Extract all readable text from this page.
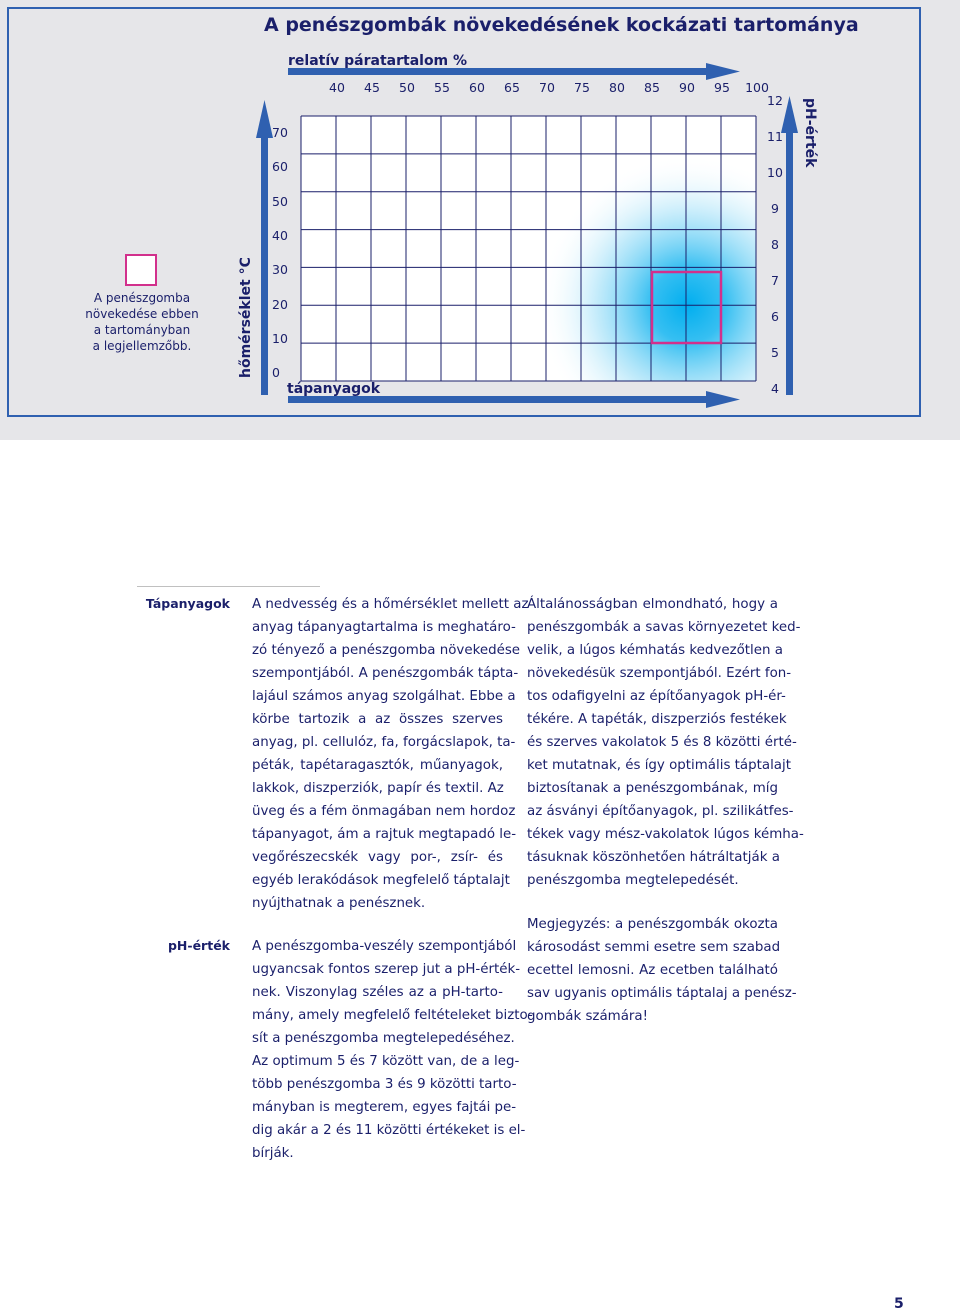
A penészgombák növekedésének kockázati tartománya
relatív páratartalom %
40	45	50	55	60	65	70	75	80	85	90	95	100
70
60
50
40
30
20
10
0
12
11
10
9
8
7
6
5
4
hőmérséklet °C
pH-érték
tápanyagok
A penészgomba
növekedése ebben
a tartományban
a legjellemzőbb.
Tápanyagok
pH-érték
A nedvesség és a hőmérséklet mellett az
anyag tápanyagtartalma is meghatáro-
zó tényező a penészgomba növekedése
szempontjából. A penészgombák tápta-
lajául számos anyag szolgálhat. Ebbe a
körbe tartozik a az összes szerves
anyag, pl. cellulóz, fa, forgácslapok, ta-
péták, tapétaragasztók, műanyagok,
lakkok, diszperziók, papír és textil. Az
üveg és a fém önmagában nem hordoz
tápanyagot, ám a rajtuk megtapadó le-
vegőrészecskék vagy por-, zsír- és
egyéb lerakódások megfelelő táptalajt
nyújthatnak a penésznek.
A penészgomba-veszély szempontjából
ugyancsak fontos szerep jut a pH-érték-
nek. Viszonylag széles az a pH-tarto-
mány, amely megfelelő feltételeket bizto-
sít a penészgomba megtelepedéséhez.
Az optimum 5 és 7 között van, de a leg-
több penészgomba 3 és 9 közötti tarto-
mányban is megterem, egyes fajtái pe-
dig akár a 2 és 11 közötti értékeket is el-
bírják.
Általánosságban elmondható, hogy a
penészgombák a savas környezetet ked-
velik, a lúgos kémhatás kedvezőtlen a
növekedésük szempontjából. Ezért fon-
tos odafigyelni az építőanyagok pH-ér-
tékére. A tapéták, diszperziós festékek
és szerves vakolatok 5 és 8 közötti érté-
ket mutatnak, és így optimális táptalajt
biztosítanak a penészgombának, míg
az ásványi építőanyagok, pl. szilikátfes-
tékek vagy mész-vakolatok lúgos kémha-
tásuknak köszönhetően hátráltatják a
penészgomba megtelepedését.
Megjegyzés: a penészgombák okozta
károsodást semmi esetre sem szabad
ecettel lemosni. Az ecetben található
sav ugyanis optimális táptalaj a penész-
gombák számára!
5
